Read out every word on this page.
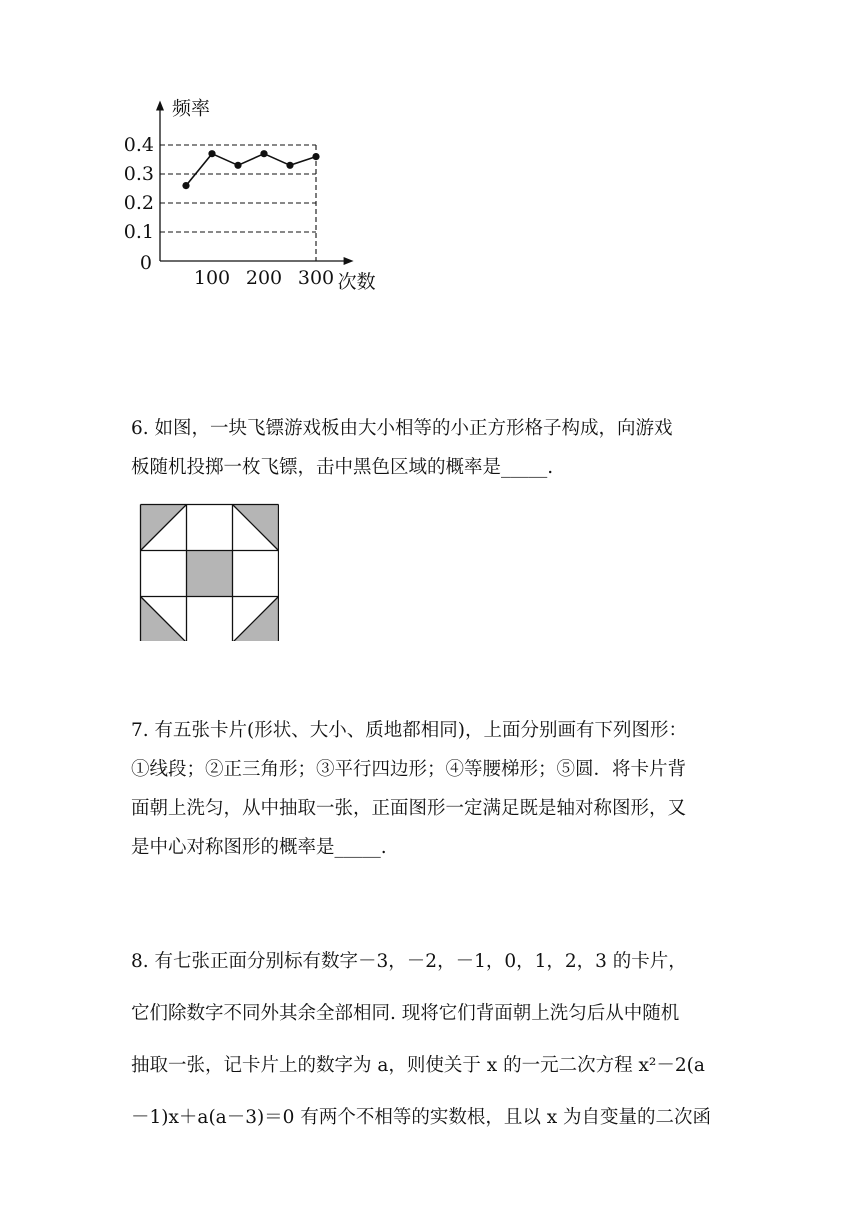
0.1
0.2
0.3
0.4
100 200 300
0
频率
次数
6. 如图，一块飞镖游戏板由大小相等的小正方形格子构成，向游戏
板随机投掷一枚飞镖，击中黑色区域的概率是_____.
7. 有五张卡片(形状、大小、质地都相同)，上面分别画有下列图形：
①线段；②正三角形；③平行四边形；④等腰梯形；⑤圆．将卡片背
面朝上洗匀，从中抽取一张，正面图形一定满足既是轴对称图形，又
是中心对称图形的概率是_____.
8. 有七张正面分别标有数字－3，－2，－1，0，1，2，3 的卡片，
它们除数字不同外其余全部相同. 现将它们背面朝上洗匀后从中随机
抽取一张，记卡片上的数字为 a，则使关于 x 的一元二次方程 x²－2(a
－1)x＋a(a－3)＝0 有两个不相等的实数根，且以 x 为自变量的二次函
